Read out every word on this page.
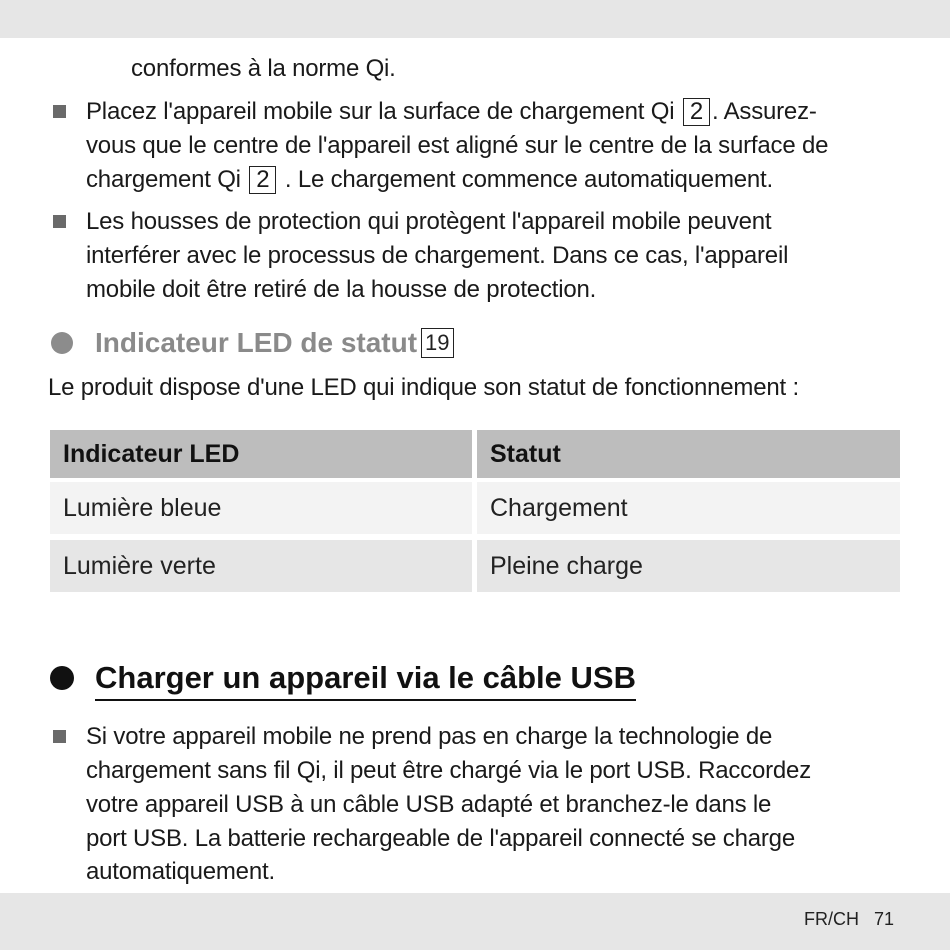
conformes à la norme Qi.
Placez l'appareil mobile sur la surface de chargement Qi 2 . Assurez-
vous que le centre de l'appareil est aligné sur le centre de la surface de
chargement Qi 2 . Le chargement commence automatiquement.
Les housses de protection qui protègent l'appareil mobile peuvent
interférer avec le processus de chargement. Dans ce cas, l'appareil
mobile doit être retiré de la housse de protection.
Indicateur LED de statut 19
Le produit dispose d'une LED qui indique son statut de fonctionnement :
Indicateur LED	Statut
Lumière bleue	Chargement
Lumière verte	Pleine charge
Charger un appareil via le câble USB
Si votre appareil mobile ne prend pas en charge la technologie de
chargement sans fil Qi, il peut être chargé via le port USB. Raccordez
votre appareil USB à un câble USB adapté et branchez-le dans le
port USB. La batterie rechargeable de l'appareil connecté se charge
automatiquement.
FR/CH 71
